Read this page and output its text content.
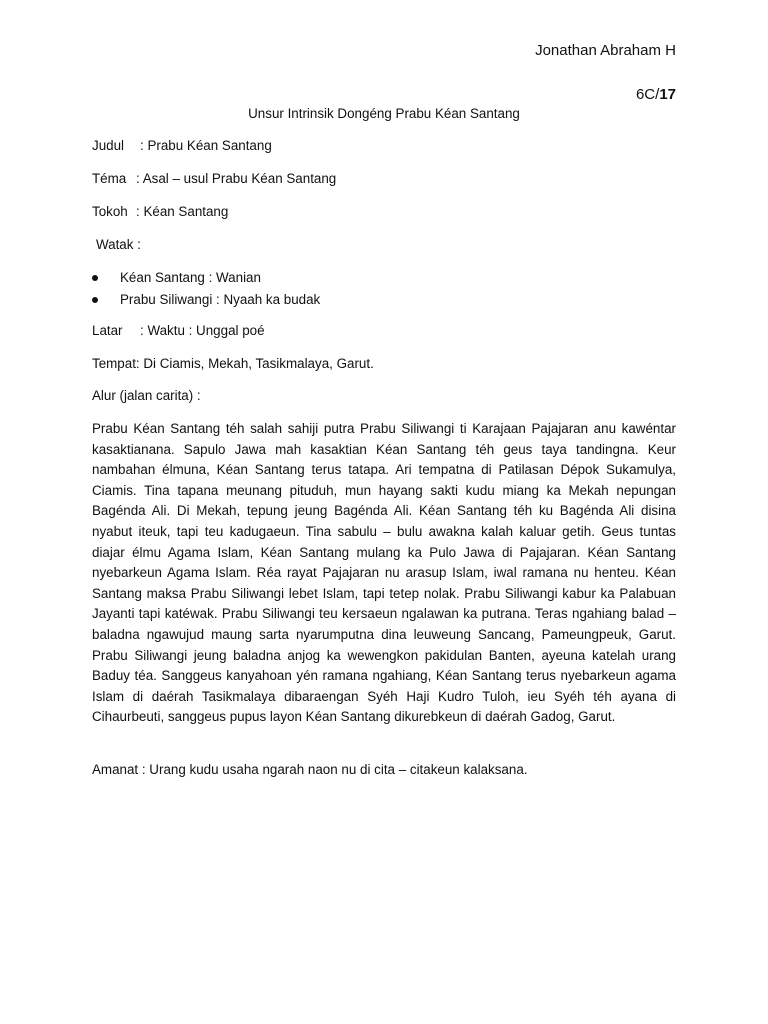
Jonathan Abraham H
6C/17
Unsur Intrinsik Dongéng Prabu Kéan Santang
Judul : Prabu Kéan Santang
Téma : Asal – usul Prabu Kéan Santang
Tokoh : Kéan Santang
Watak :
Kéan Santang : Wanian
Prabu Siliwangi : Nyaah ka budak
Latar : Waktu : Unggal poé
Tempat: Di Ciamis, Mekah, Tasikmalaya, Garut.
Alur (jalan carita) :

Prabu Kéan Santang téh salah sahiji putra Prabu Siliwangi ti Karajaan Pajajaran anu kawéntar kasaktianana. Sapulo Jawa mah kasaktian Kéan Santang téh geus taya tandingna. Keur nambahan élmuna, Kéan Santang terus tatapa. Ari tempatna di Patilasan Dépok Sukamulya, Ciamis. Tina tapana meunang pituduh, mun hayang sakti kudu miang ka Mekah nepungan Bagénda Ali. Di Mekah, tepung jeung Bagénda Ali. Kéan Santang téh ku Bagénda Ali disina nyabut iteuk, tapi teu kadugaeun. Tina sabulu – bulu awakna kalah kaluar getih. Geus tuntas diajar élmu Agama Islam, Kéan Santang mulang ka Pulo Jawa di Pajajaran. Kéan Santang nyebarkeun Agama Islam. Réa rayat Pajajaran nu arasup Islam, iwal ramana nu henteu. Kéan Santang maksa Prabu Siliwangi lebet Islam, tapi tetep nolak. Prabu Siliwangi kabur ka Palabuan Jayanti tapi katéwak. Prabu Siliwangi teu kersaeun ngalawan ka putrana. Teras ngahiang balad – baladna ngawujud maung sarta nyarumputna dina leuweung Sancang, Pameungpeuk, Garut. Prabu Siliwangi jeung baladna anjog ka wewengkon pakidulan Banten, ayeuna katelah urang Baduy téa. Sanggeus kanyahoan yén ramana ngahiang, Kéan Santang terus nyebarkeun agama Islam di daérah Tasikmalaya dibaraengan Syéh Haji Kudro Tuloh, ieu Syéh téh ayana di Cihaurbeuti, sanggeus pupus layon Kéan Santang dikurebkeun di daérah Gadog, Garut.

Amanat : Urang kudu usaha ngarah naon nu di cita – citakeun kalaksana.
